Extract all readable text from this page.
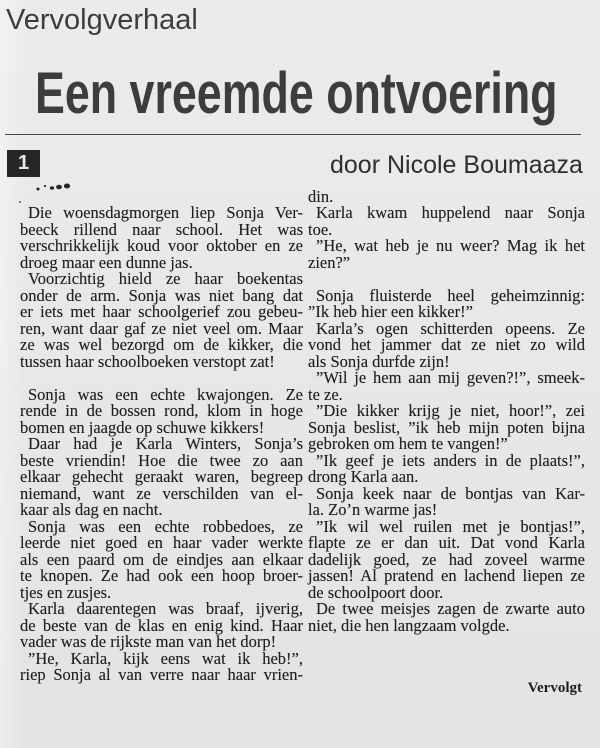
Vervolgverhaal
Een vreemde ontvoering
1	door Nicole Boumaaza
Die woensdagmorgen liep Sonja Ver-
beeck rillend naar school. Het was
verschrikkelijk koud voor oktober en ze
droeg maar een dunne jas.
Voorzichtig hield ze haar boekentas
onder de arm. Sonja was niet bang dat
er iets met haar schoolgerief zou gebeu-
ren, want daar gaf ze niet veel om. Maar
ze was wel bezorgd om de kikker, die
tussen haar schoolboeken verstopt zat!
Sonja was een echte kwajongen. Ze
rende in de bossen rond, klom in hoge
bomen en jaagde op schuwe kikkers!
Daar had je Karla Winters, Sonja’s
beste vriendin! Hoe die twee zo aan
elkaar gehecht geraakt waren, begreep
niemand, want ze verschilden van el-
kaar als dag en nacht.
Sonja was een echte robbedoes, ze
leerde niet goed en haar vader werkte
als een paard om de eindjes aan elkaar
te knopen. Ze had ook een hoop broer-
tjes en zusjes.
Karla daarentegen was braaf, ijverig,
de beste van de klas en enig kind. Haar
vader was de rijkste man van het dorp!
”He, Karla, kijk eens wat ik heb!”,
riep Sonja al van verre naar haar vrien-
din.
Karla kwam huppelend naar Sonja
toe.
”He, wat heb je nu weer? Mag ik het
zien?”
Sonja fluisterde heel geheimzinnig:
”Ik heb hier een kikker!”
Karla’s ogen schitterden opeens. Ze
vond het jammer dat ze niet zo wild
als Sonja durfde zijn!
”Wil je hem aan mij geven?!”, smeek-
te ze.
”Die kikker krijg je niet, hoor!”, zei
Sonja beslist, ”ik heb mijn poten bijna
gebroken om hem te vangen!”
”Ik geef je iets anders in de plaats!”,
drong Karla aan.
Sonja keek naar de bontjas van Kar-
la. Zo’n warme jas!
”Ik wil wel ruilen met je bontjas!”,
flapte ze er dan uit. Dat vond Karla
dadelijk goed, ze had zoveel warme
jassen! Al pratend en lachend liepen ze
de schoolpoort door.
De twee meisjes zagen de zwarte auto
niet, die hen langzaam volgde.
Vervolgt
